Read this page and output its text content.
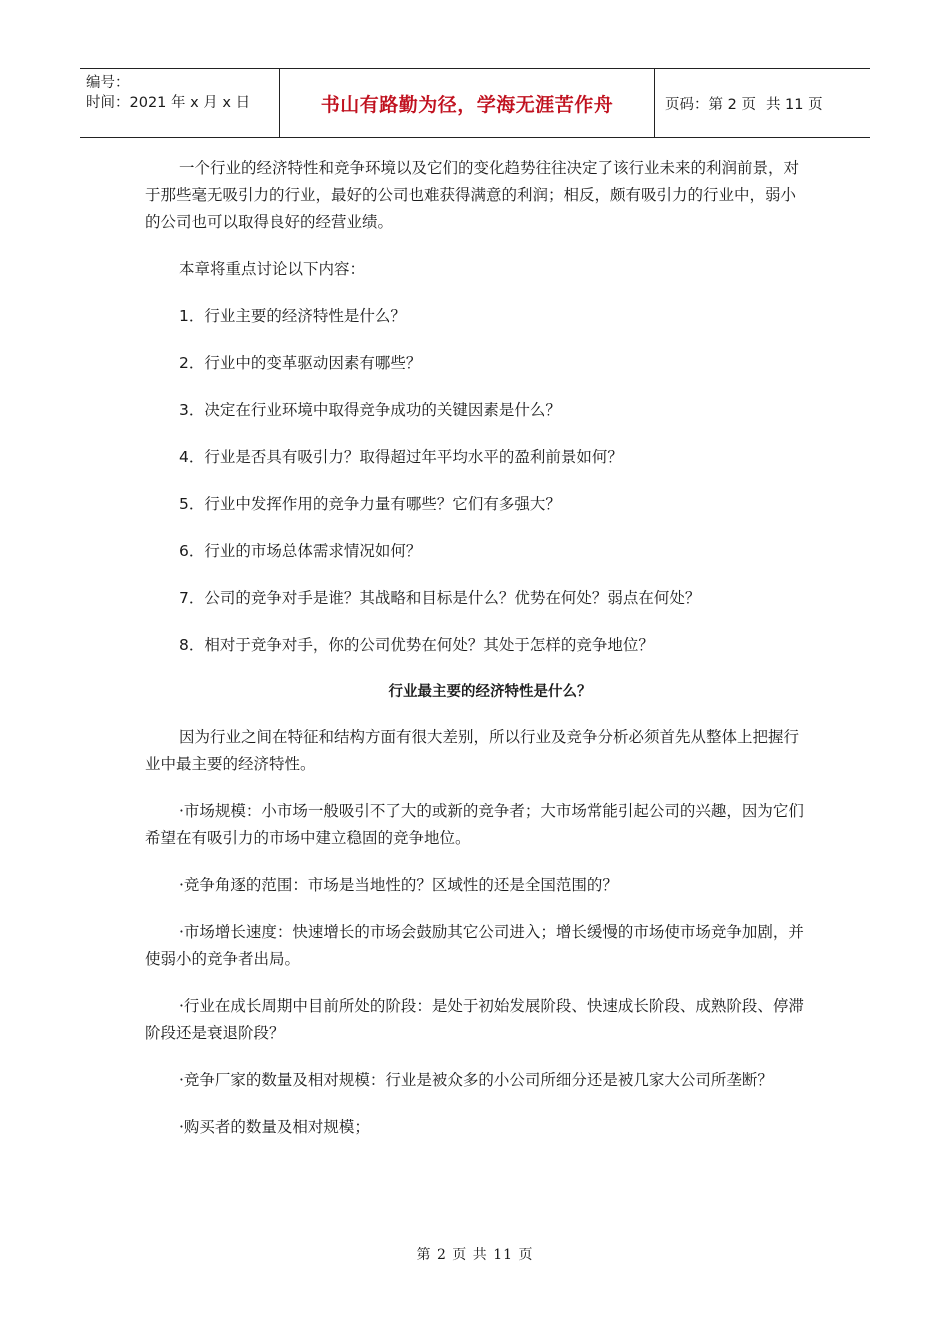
编号：
时间：2021 年 x 月 x 日	书山有路勤为径，学海无涯苦作舟	页码：第 2 页 共 11 页

一个行业的经济特性和竞争环境以及它们的变化趋势往往决定了该行业未来的利润前景，对于那些毫无吸引力的行业，最好的公司也难获得满意的利润；相反，颇有吸引力的行业中，弱小的公司也可以取得良好的经营业绩。

本章将重点讨论以下内容：

1．行业主要的经济特性是什么？
2．行业中的变革驱动因素有哪些？
3．决定在行业环境中取得竞争成功的关键因素是什么？
4．行业是否具有吸引力？取得超过年平均水平的盈利前景如何？
5．行业中发挥作用的竞争力量有哪些？它们有多强大？
6．行业的市场总体需求情况如何？
7．公司的竞争对手是谁？其战略和目标是什么？优势在何处？弱点在何处？
8．相对于竞争对手，你的公司优势在何处？其处于怎样的竞争地位？
行业最主要的经济特性是什么？

因为行业之间在特征和结构方面有很大差别，所以行业及竞争分析必须首先从整体上把握行业中最主要的经济特性。

·市场规模：小市场一般吸引不了大的或新的竞争者；大市场常能引起公司的兴趣，因为它们希望在有吸引力的市场中建立稳固的竞争地位。

·竞争角逐的范围：市场是当地性的？区域性的还是全国范围的？

·市场增长速度：快速增长的市场会鼓励其它公司进入；增长缓慢的市场使市场竞争加剧，并使弱小的竞争者出局。

·行业在成长周期中目前所处的阶段：是处于初始发展阶段、快速成长阶段、成熟阶段、停滞阶段还是衰退阶段？

·竞争厂家的数量及相对规模：行业是被众多的小公司所细分还是被几家大公司所垄断？

·购买者的数量及相对规模；

第 2 页 共 11 页
